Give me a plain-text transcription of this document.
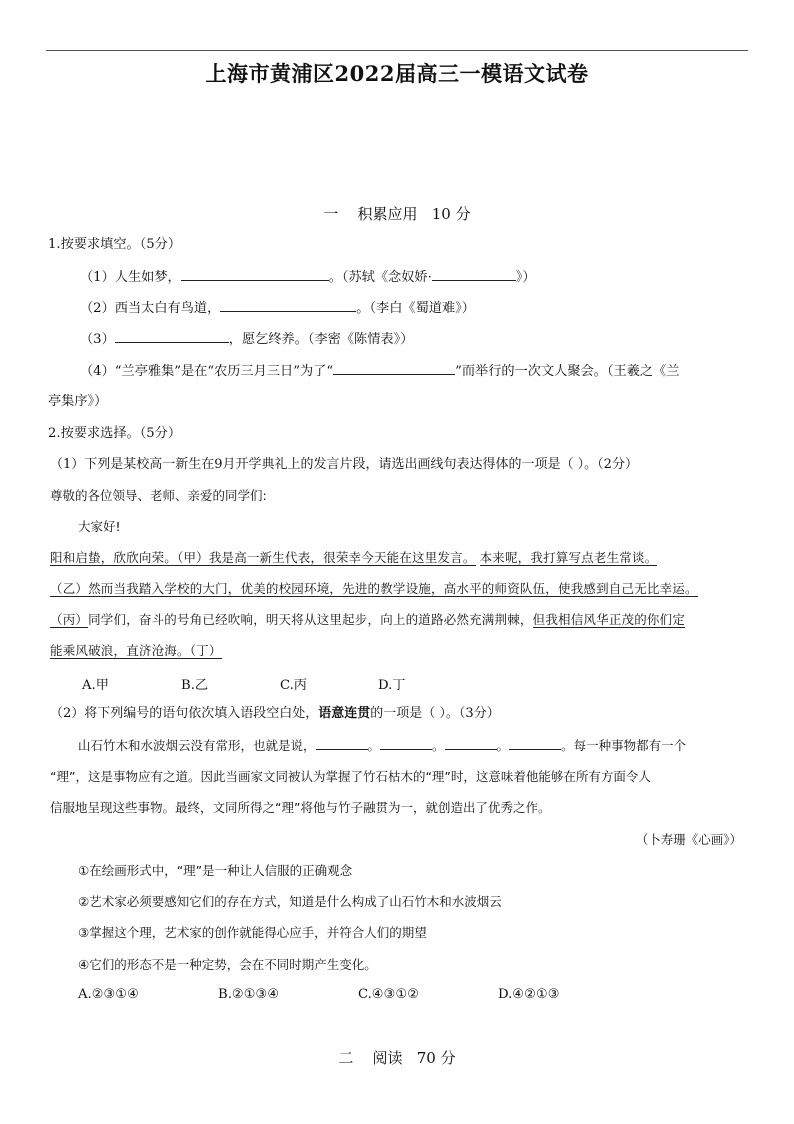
上海市黄浦区2022届高三一模语文试卷
一    积累应用   10 分
1.按要求填空。（5分）
（1）人生如梦，	。（苏轼《念奴娇·	》）
（2）西当太白有鸟道，	。（李白《蜀道难》）
（3）	，愿乞终养。（李密《陈情表》）
（4）“兰亭雅集”是在“农历三月三日”为了“	”而举行的一次文人聚会。（王羲之《兰
亭集序》）
2.按要求选择。（5分）
（1）下列是某校高一新生在9月开学典礼上的发言片段，请选出画线句表达得体的一项是（ ）。（2分）
尊敬的各位领导、老师、亲爱的同学们:
大家好!
阳和启蛰，欣欣向荣。（甲）我是高一新生代表，很荣幸今天能在这里发言。 本来呢，我打算写点老生常谈。
（乙）然而当我踏入学校的大门，优美的校园环境，先进的教学设施，高水平的师资队伍，使我感到自己无比幸运。
（丙）同学们，奋斗的号角已经吹响，明天将从这里起步，向上的道路必然充满荆棘，但我相信风华正茂的你们定
能乘风破浪，直济沧海。（丁）
A.甲	B.乙	C.丙	D.丁
（2）将下列编号的语句依次填入语段空白处，语意连贯的一项是（ ）。（3分）
山石竹木和水波烟云没有常形，也就是说，	。	。	。	。每一种事物都有一个
“理”，这是事物应有之道。因此当画家文同被认为掌握了竹石枯木的“理”时，这意味着他能够在所有方面令人
信服地呈现这些事物。最终，文同所得之“理”将他与竹子融贯为一，就创造出了优秀之作。
（卜寿珊《心画》）
①在绘画形式中，“理”是一种让人信服的正确观念
②艺术家必须要感知它们的存在方式，知道是什么构成了山石竹木和水波烟云
③掌握这个理，艺术家的创作就能得心应手，并符合人们的期望
④它们的形态不是一种定势，会在不同时期产生变化。
A.②③①④	B.②①③④	C.④③①②	D.④②①③
二    阅读   70 分
